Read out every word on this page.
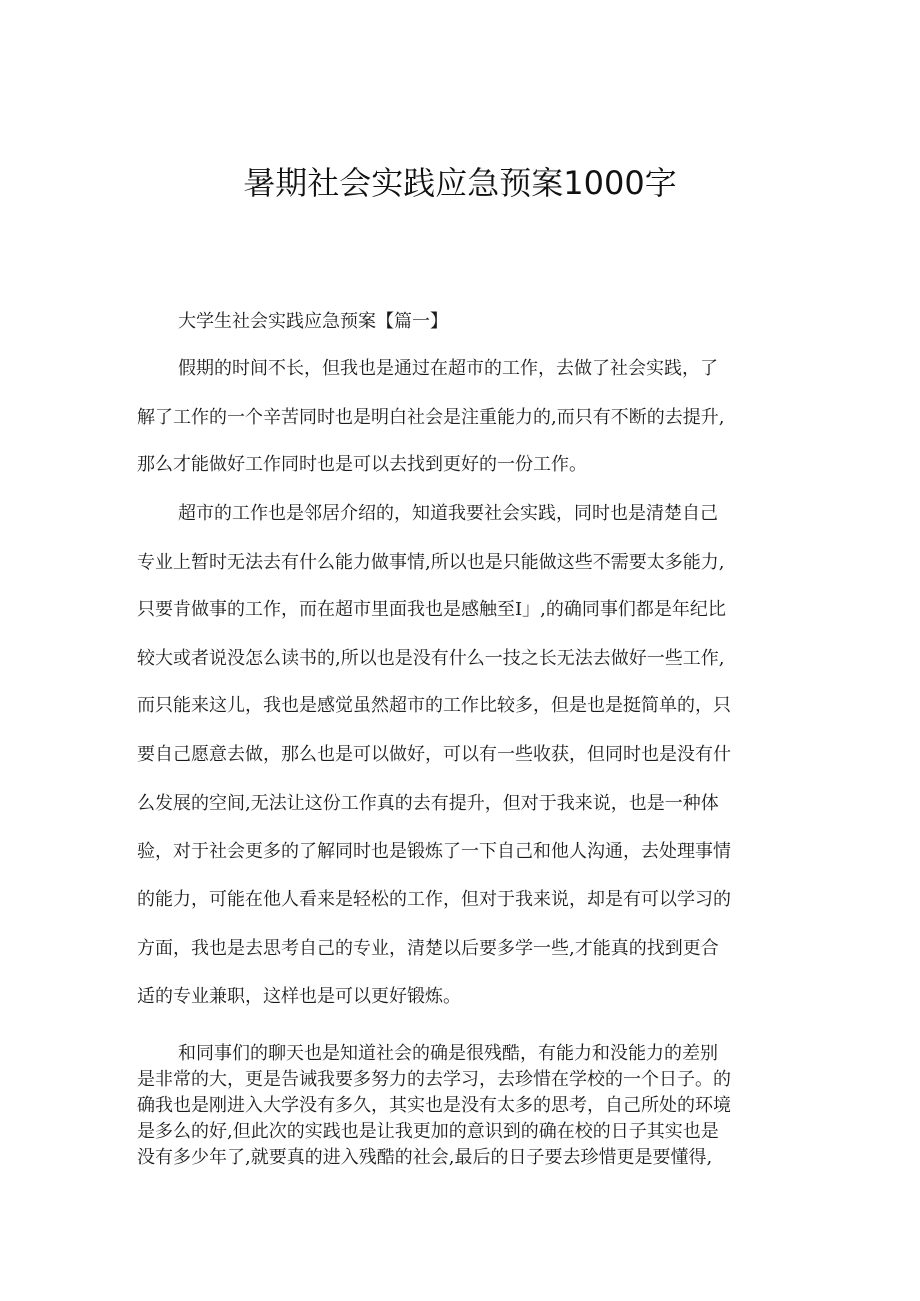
暑期社会实践应急预案1000字

大学生社会实践应急预案【篇一】

假期的时间不长，但我也是通过在超市的工作，去做了社会实践，了

解了工作的一个辛苦同时也是明白社会是注重能力的,而只有不断的去提升,

那么才能做好工作同时也是可以去找到更好的一份工作。

超市的工作也是邻居介绍的，知道我要社会实践，同时也是清楚自己

专业上暂时无法去有什么能力做事情,所以也是只能做这些不需要太多能力,

只要肯做事的工作，而在超市里面我也是感触至I」,的确同事们都是年纪比

较大或者说没怎么读书的,所以也是没有什么一技之长无法去做好一些工作,

而只能来这儿，我也是感觉虽然超市的工作比较多，但是也是挺简单的，只

要自己愿意去做，那么也是可以做好，可以有一些收获，但同时也是没有什

么发展的空间,无法让这份工作真的去有提升，但对于我来说，也是一种体

验，对于社会更多的了解同时也是锻炼了一下自己和他人沟通，去处理事情

的能力，可能在他人看来是轻松的工作，但对于我来说，却是有可以学习的

方面，我也是去思考自己的专业，清楚以后要多学一些,才能真的找到更合

适的专业兼职，这样也是可以更好锻炼。

和同事们的聊天也是知道社会的确是很残酷，有能力和没能力的差别

是非常的大，更是告诫我要多努力的去学习，去珍惜在学校的一个日子。的

确我也是刚进入大学没有多久，其实也是没有太多的思考，自己所处的环境

是多么的好,但此次的实践也是让我更加的意识到的确在校的日子其实也是

没有多少年了,就要真的进入残酷的社会,最后的日子要去珍惜更是要懂得,
